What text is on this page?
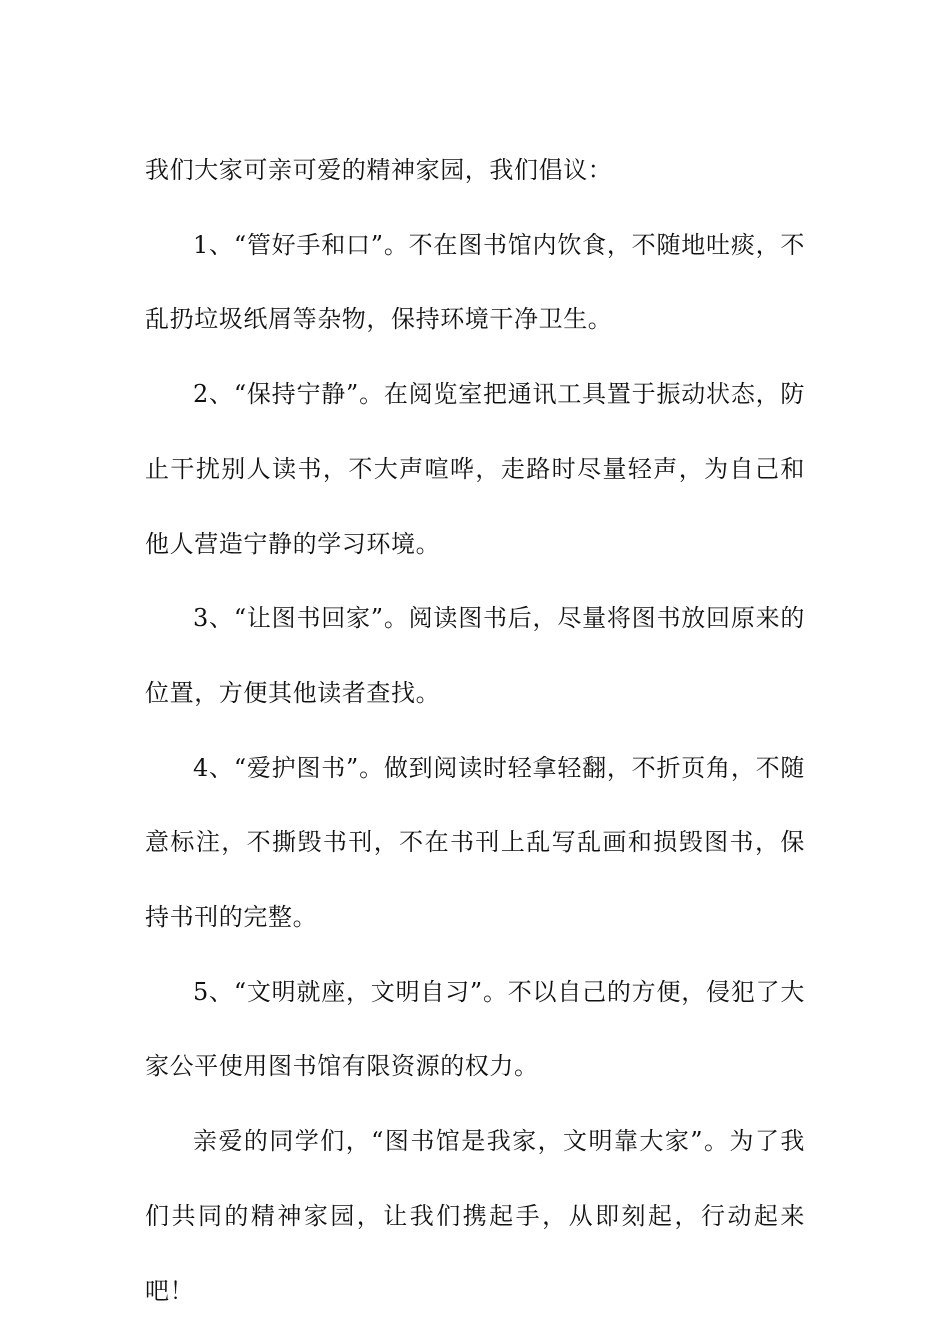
我们大家可亲可爱的精神家园，我们倡议：

1、“管好手和口”。不在图书馆内饮食，不随地吐痰，不乱扔垃圾纸屑等杂物，保持环境干净卫生。

2、“保持宁静”。在阅览室把通讯工具置于振动状态，防止干扰别人读书，不大声喧哗，走路时尽量轻声，为自己和他人营造宁静的学习环境。

3、“让图书回家”。阅读图书后，尽量将图书放回原来的位置，方便其他读者查找。

4、“爱护图书”。做到阅读时轻拿轻翻，不折页角，不随意标注，不撕毁书刊，不在书刊上乱写乱画和损毁图书，保持书刊的完整。

5、“文明就座，文明自习”。不以自己的方便，侵犯了大家公平使用图书馆有限资源的权力。

亲爱的同学们，“图书馆是我家，文明靠大家”。为了我们共同的精神家园，让我们携起手，从即刻起，行动起来吧！
